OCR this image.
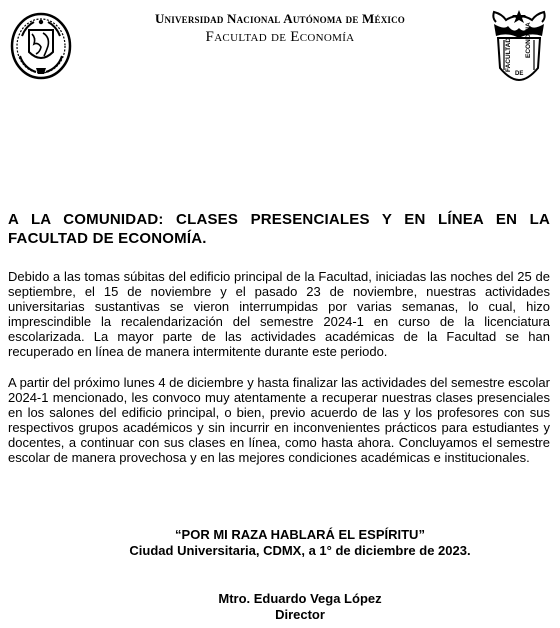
FACULTAD ECONOMIA
DE
Universidad Nacional Autónoma de México
Facultad de Economía
A LA COMUNIDAD: CLASES PRESENCIALES Y EN LÍNEA EN LA FACULTAD DE ECONOMÍA.

Debido a las tomas súbitas del edificio principal de la Facultad, iniciadas las noches del 25 de septiembre, el 15 de noviembre y el pasado 23 de noviembre, nuestras actividades universitarias sustantivas se vieron interrumpidas por varias semanas, lo cual, hizo imprescindible la recalendarización del semestre 2024-1 en curso de la licenciatura escolarizada. La mayor parte de las actividades académicas de la Facultad se han recuperado en línea de manera intermitente durante este periodo.

A partir del próximo lunes 4 de diciembre y hasta finalizar las actividades del semestre escolar 2024-1 mencionado, les convoco muy atentamente a recuperar nuestras clases presenciales en los salones del edificio principal, o bien, previo acuerdo de las y los profesores con sus respectivos grupos académicos y sin incurrir en inconvenientes prácticos para estudiantes y docentes, a continuar con sus clases en línea, como hasta ahora. Concluyamos el semestre escolar de manera provechosa y en las mejores condiciones académicas e institucionales.

“POR MI RAZA HABLARÁ EL ESPÍRITU”

Ciudad Universitaria, CDMX, a 1° de diciembre de 2023.

Mtro. Eduardo Vega López

Director
